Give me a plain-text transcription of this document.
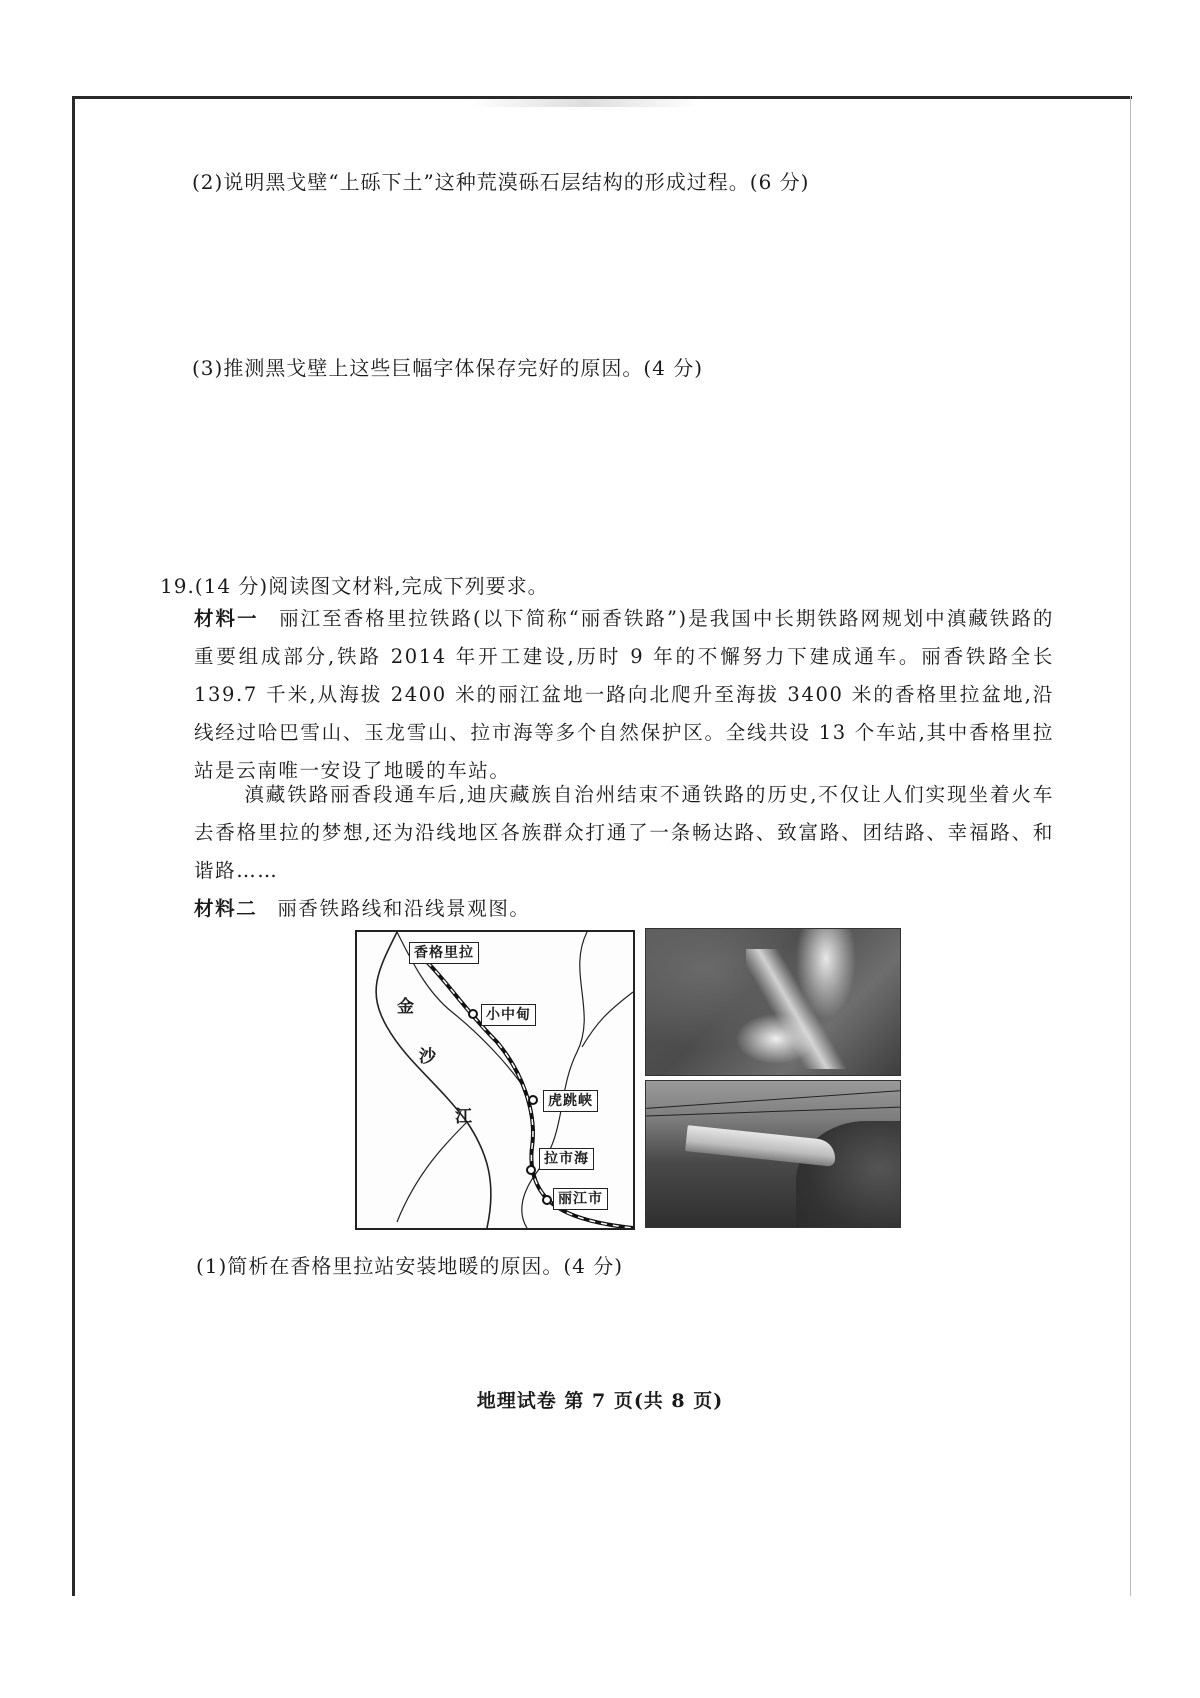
(2)说明黑戈壁“上砾下土”这种荒漠砾石层结构的形成过程。(6 分)
(3)推测黑戈壁上这些巨幅字体保存完好的原因。(4 分)
19.(14 分)阅读图文材料,完成下列要求。
材料一 丽江至香格里拉铁路(以下简称“丽香铁路”)是我国中长期铁路网规划中滇藏铁路的重要组成部分,铁路 2014 年开工建设,历时 9 年的不懈努力下建成通车。丽香铁路全长 139.7 千米,从海拔 2400 米的丽江盆地一路向北爬升至海拔 3400 米的香格里拉盆地,沿线经过哈巴雪山、玉龙雪山、拉市海等多个自然保护区。全线共设 13 个车站,其中香格里拉站是云南唯一安设了地暖的车站。
滇藏铁路丽香段通车后,迪庆藏族自治州结束不通铁路的历史,不仅让人们实现坐着火车去香格里拉的梦想,还为沿线地区各族群众打通了一条畅达路、致富路、团结路、幸福路、和谐路……
材料二 丽香铁路线和沿线景观图。
香格里拉
小中甸
虎跳峡
拉市海
丽江市
金
沙
江
(1)简析在香格里拉站安装地暖的原因。(4 分)
地理试卷 第 7 页(共 8 页)
